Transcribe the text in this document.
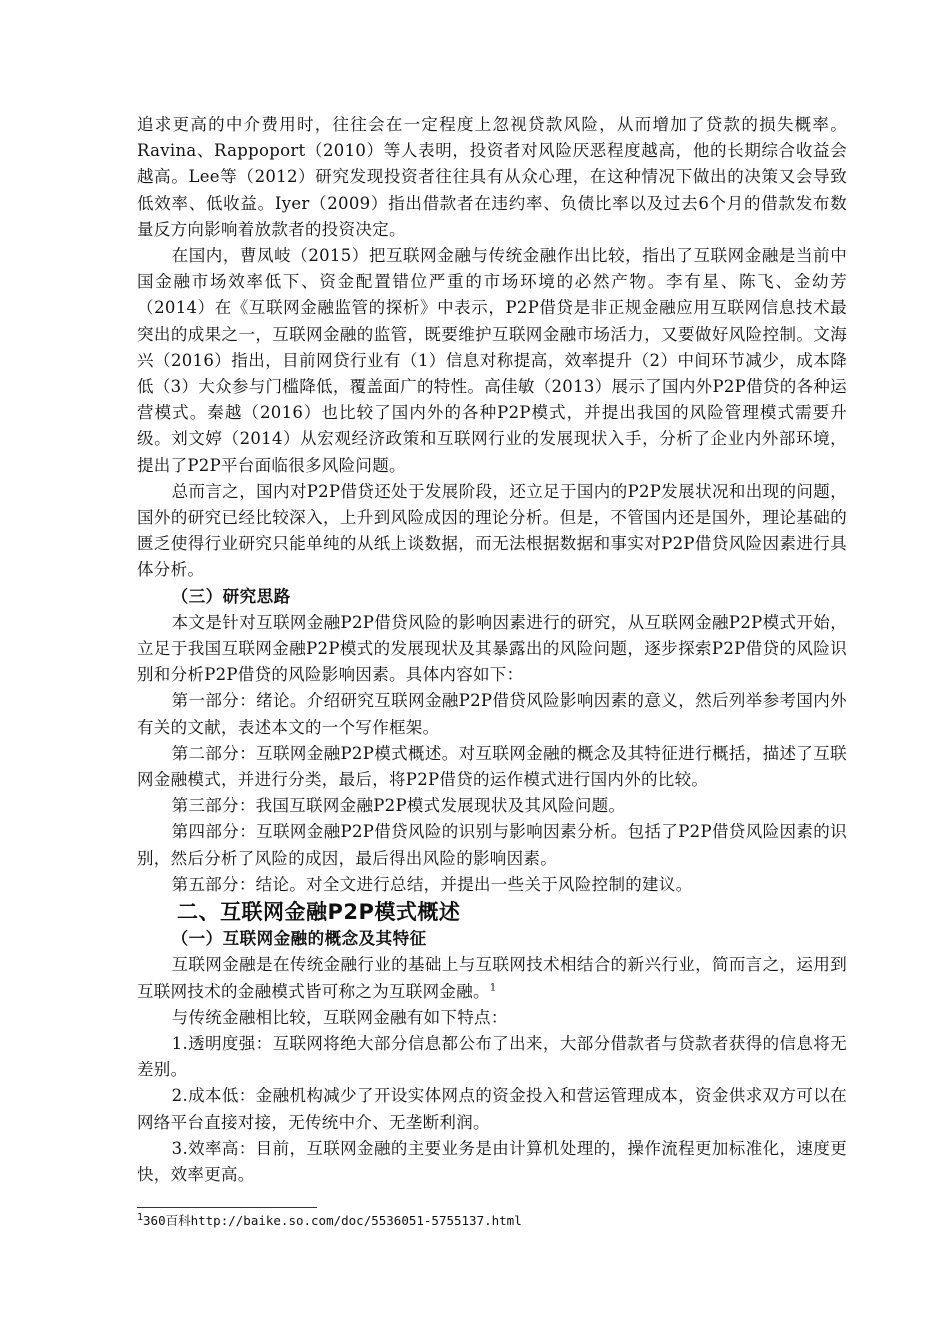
追求更高的中介费用时，往往会在一定程度上忽视贷款风险，从而增加了贷款的损失概率。Ravina、Rappoport（2010）等人表明，投资者对风险厌恶程度越高，他的长期综合收益会越高。Lee等（2012）研究发现投资者往往具有从众心理，在这种情况下做出的决策又会导致低效率、低收益。Iyer（2009）指出借款者在违约率、负债比率以及过去6个月的借款发布数量反方向影响着放款者的投资决定。

在国内，曹凤岐（2015）把互联网金融与传统金融作出比较，指出了互联网金融是当前中国金融市场效率低下、资金配置错位严重的市场环境的必然产物。李有星、陈飞、金幼芳（2014）在《互联网金融监管的探析》中表示，P2P借贷是非正规金融应用互联网信息技术最突出的成果之一，互联网金融的监管，既要维护互联网金融市场活力，又要做好风险控制。文海兴（2016）指出，目前网贷行业有（1）信息对称提高，效率提升（2）中间环节减少，成本降低（3）大众参与门槛降低，覆盖面广的特性。高佳敏（2013）展示了国内外P2P借贷的各种运营模式。秦越（2016）也比较了国内外的各种P2P模式，并提出我国的风险管理模式需要升级。刘文婷（2014）从宏观经济政策和互联网行业的发展现状入手，分析了企业内外部环境，提出了P2P平台面临很多风险问题。

总而言之，国内对P2P借贷还处于发展阶段，还立足于国内的P2P发展状况和出现的问题，国外的研究已经比较深入，上升到风险成因的理论分析。但是，不管国内还是国外，理论基础的匮乏使得行业研究只能单纯的从纸上谈数据，而无法根据数据和事实对P2P借贷风险因素进行具体分析。

（三）研究思路

本文是针对互联网金融P2P借贷风险的影响因素进行的研究，从互联网金融P2P模式开始，立足于我国互联网金融P2P模式的发展现状及其暴露出的风险问题，逐步探索P2P借贷的风险识别和分析P2P借贷的风险影响因素。具体内容如下：

第一部分：绪论。介绍研究互联网金融P2P借贷风险影响因素的意义，然后列举参考国内外有关的文献，表述本文的一个写作框架。

第二部分：互联网金融P2P模式概述。对互联网金融的概念及其特征进行概括，描述了互联网金融模式，并进行分类，最后，将P2P借贷的运作模式进行国内外的比较。

第三部分：我国互联网金融P2P模式发展现状及其风险问题。

第四部分：互联网金融P2P借贷风险的识别与影响因素分析。包括了P2P借贷风险因素的识别，然后分析了风险的成因，最后得出风险的影响因素。

第五部分：结论。对全文进行总结，并提出一些关于风险控制的建议。

二、互联网金融P2P模式概述

（一）互联网金融的概念及其特征

互联网金融是在传统金融行业的基础上与互联网技术相结合的新兴行业，简而言之，运用到互联网技术的金融模式皆可称之为互联网金融。$^1$

与传统金融相比较，互联网金融有如下特点：

1.透明度强：互联网将绝大部分信息都公布了出来，大部分借款者与贷款者获得的信息将无差别。

2.成本低：金融机构减少了开设实体网点的资金投入和营运管理成本，资金供求双方可以在网络平台直接对接，无传统中介、无垄断利润。

3.效率高：目前，互联网金融的主要业务是由计算机处理的，操作流程更加标准化，速度更快，效率更高。

$^1$360百科http://baike.so.com/doc/5536051-5755137.html
